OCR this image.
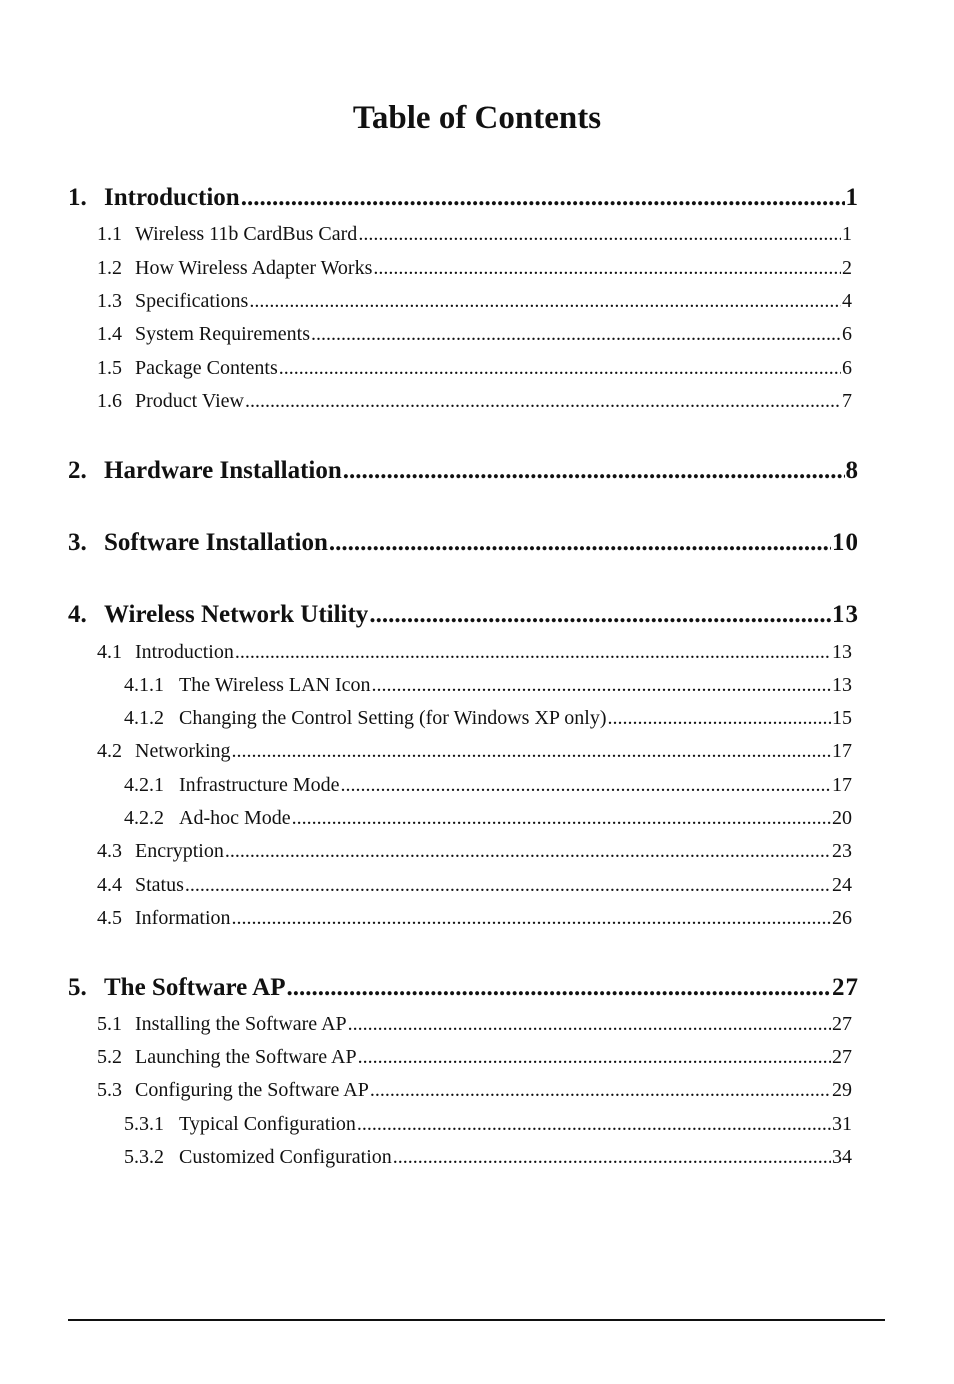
Table of Contents
1. Introduction .....	1
1.1 Wireless 11b CardBus Card .....	1
1.2 How Wireless Adapter Works .....	2
1.3 Specifications .....	4
1.4 System Requirements .....	6
1.5 Package Contents .....	6
1.6 Product View .....	7
2. Hardware Installation .....	8
3. Software Installation .....	10
4. Wireless Network Utility .....	13
4.1 Introduction .....	13
4.1.1 The Wireless LAN Icon .....	13
4.1.2 Changing the Control Setting (for Windows XP only) .....	15
4.2 Networking .....	17
4.2.1 Infrastructure Mode .....	17
4.2.2 Ad-hoc Mode .....	20
4.3 Encryption .....	23
4.4 Status .....	24
4.5 Information .....	26
5. The Software AP .....	27
5.1 Installing the Software AP .....	27
5.2 Launching the Software AP .....	27
5.3 Configuring the Software AP .....	29
5.3.1 Typical Configuration .....	31
5.3.2 Customized Configuration .....	34
